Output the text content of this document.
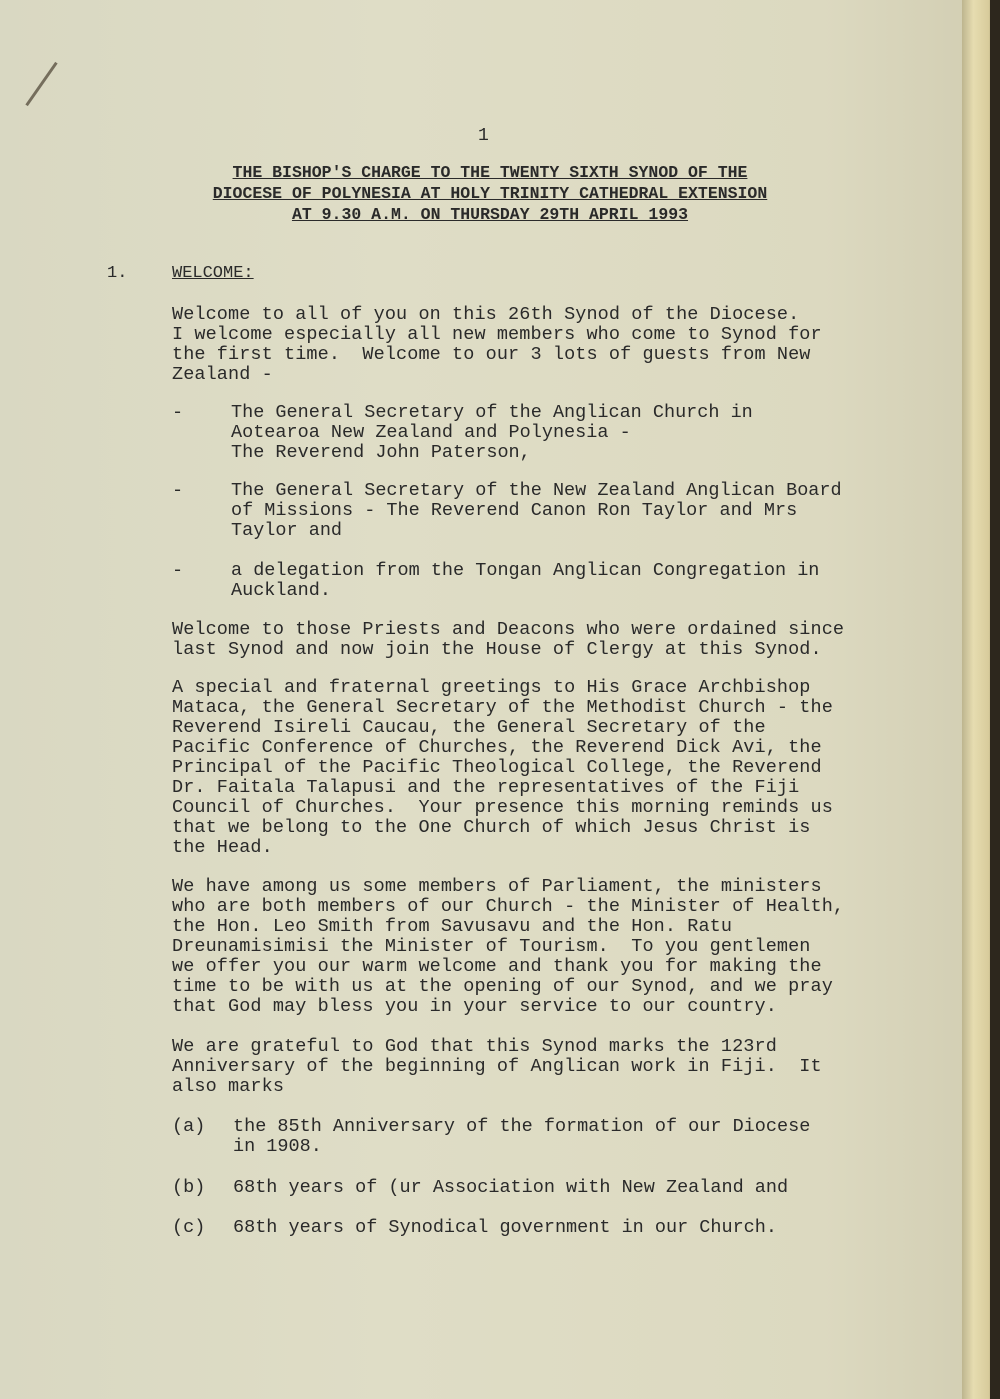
1
THE BISHOP'S CHARGE TO THE TWENTY SIXTH SYNOD OF THE
DIOCESE OF POLYNESIA AT HOLY TRINITY CATHEDRAL EXTENSION
AT 9.30 A.M. ON THURSDAY 29TH APRIL 1993
1.	WELCOME:
Welcome to all of you on this 26th Synod of the Diocese.
I welcome especially all new members who come to Synod for
the first time.  Welcome to our 3 lots of guests from New
Zealand -
-	The General Secretary of the Anglican Church in
Aotearoa New Zealand and Polynesia -
The Reverend John Paterson,
-	The General Secretary of the New Zealand Anglican Board
of Missions - The Reverend Canon Ron Taylor and Mrs
Taylor and
-	a delegation from the Tongan Anglican Congregation in
Auckland.
Welcome to those Priests and Deacons who were ordained since
last Synod and now join the House of Clergy at this Synod.
A special and fraternal greetings to His Grace Archbishop
Mataca, the General Secretary of the Methodist Church - the
Reverend Isireli Caucau, the General Secretary of the
Pacific Conference of Churches, the Reverend Dick Avi, the
Principal of the Pacific Theological College, the Reverend
Dr. Faitala Talapusi and the representatives of the Fiji
Council of Churches.  Your presence this morning reminds us
that we belong to the One Church of which Jesus Christ is
the Head.
We have among us some members of Parliament, the ministers
who are both members of our Church - the Minister of Health,
the Hon. Leo Smith from Savusavu and the Hon. Ratu
Dreunamisimisi the Minister of Tourism.  To you gentlemen
we offer you our warm welcome and thank you for making the
time to be with us at the opening of our Synod, and we pray
that God may bless you in your service to our country.
We are grateful to God that this Synod marks the 123rd
Anniversary of the beginning of Anglican work in Fiji.  It
also marks
(a) the 85th Anniversary of the formation of our Diocese
in 1908.
(b) 68th years of (ur Association with New Zealand and
(c) 68th years of Synodical government in our Church.
